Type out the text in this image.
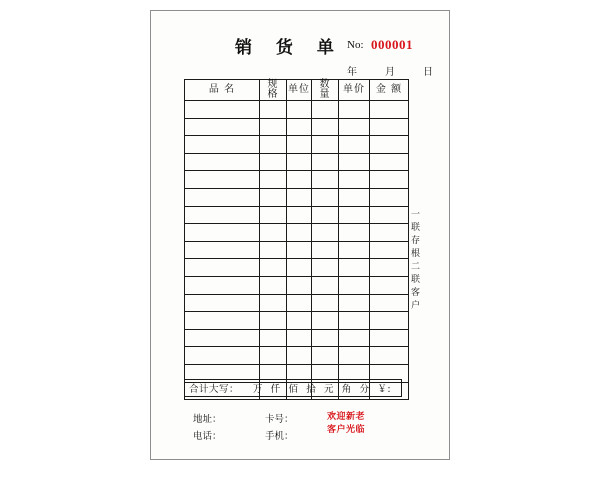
销 货 单 No: 000001
年	月	日
品 名	规 格	单位	数 量	单价	金 额

合计大写： 万 仟 佰 拾 元 角 分 ￥:
地址：	卡号：
电话：	手机：
欢迎新老
客户光临
一
联
存
根
二
联
客
户
